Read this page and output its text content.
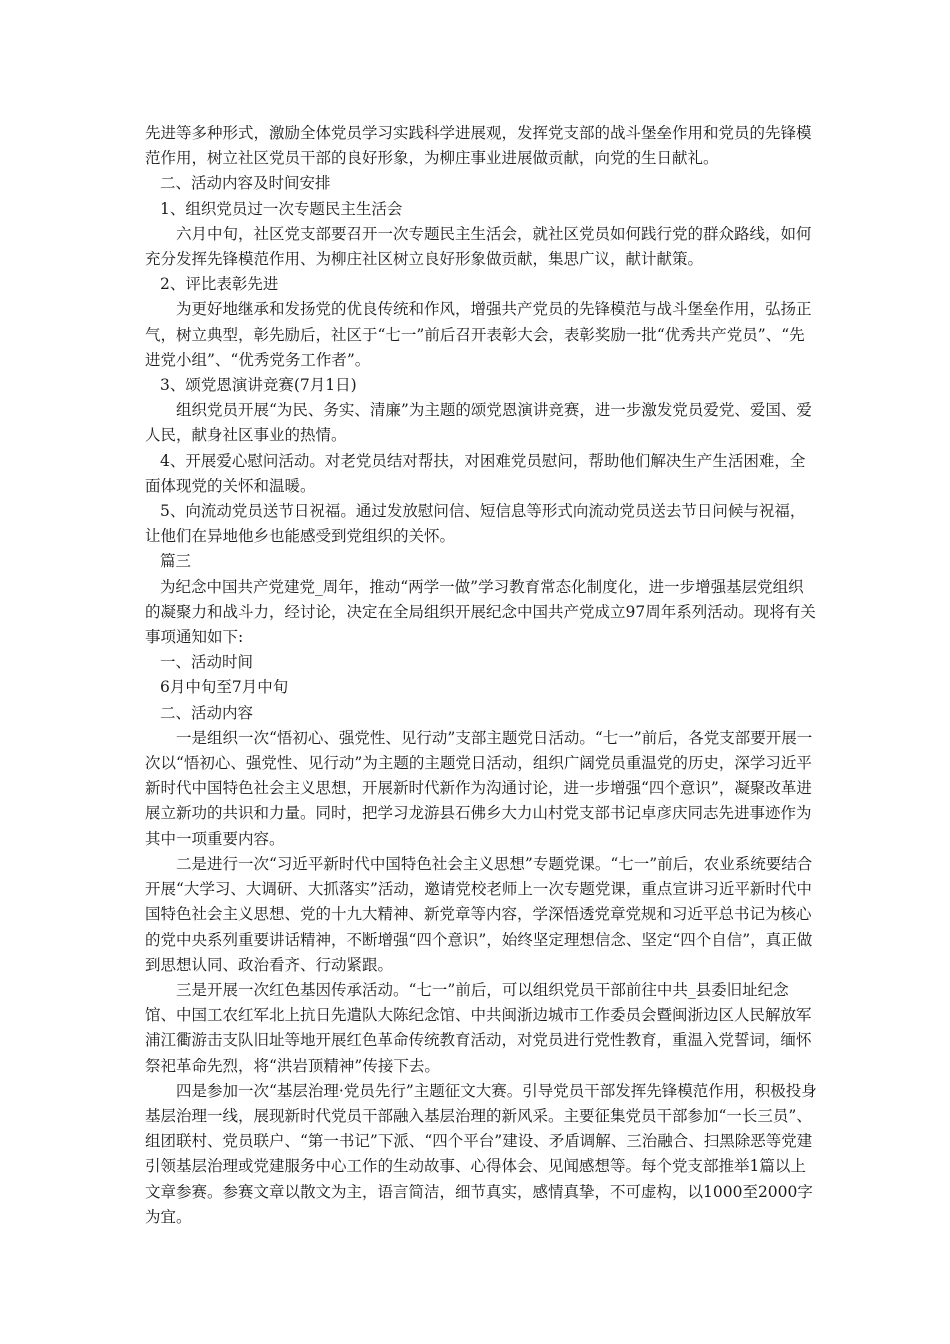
先进等多种形式，激励全体党员学习实践科学进展观，发挥党支部的战斗堡垒作用和党员的先锋模范作用，树立社区党员干部的良好形象，为柳庄事业进展做贡献，向党的生日献礼。

二、活动内容及时间安排

1、组织党员过一次专题民主生活会

六月中旬，社区党支部要召开一次专题民主生活会，就社区党员如何践行党的群众路线，如何充分发挥先锋模范作用、为柳庄社区树立良好形象做贡献，集思广议，献计献策。

2、评比表彰先进

为更好地继承和发扬党的优良传统和作风，增强共产党员的先锋模范与战斗堡垒作用，弘扬正气，树立典型，彰先励后，社区于“七一”前后召开表彰大会，表彰奖励一批“优秀共产党员”、“先进党小组”、“优秀党务工作者”。

3、颂党恩演讲竞赛(7月1日)

组织党员开展“为民、务实、清廉”为主题的颂党恩演讲竞赛，进一步激发党员爱党、爱国、爱人民，献身社区事业的热情。

4、开展爱心慰问活动。对老党员结对帮扶，对困难党员慰问，帮助他们解决生产生活困难，全面体现党的关怀和温暖。

5、向流动党员送节日祝福。通过发放慰问信、短信息等形式向流动党员送去节日问候与祝福，让他们在异地他乡也能感受到党组织的关怀。

篇三

为纪念中国共产党建党_周年，推动“两学一做”学习教育常态化制度化，进一步增强基层党组织的凝聚力和战斗力，经讨论，决定在全局组织开展纪念中国共产党成立97周年系列活动。现将有关事项通知如下:

一、活动时间

6月中旬至7月中旬

二、活动内容

一是组织一次“悟初心、强党性、见行动”支部主题党日活动。“七一”前后，各党支部要开展一次以“悟初心、强党性、见行动”为主题的主题党日活动，组织广阔党员重温党的历史，深学习近平新时代中国特色社会主义思想，开展新时代新作为沟通讨论，进一步增强“四个意识”，凝聚改革进展立新功的共识和力量。同时，把学习龙游县石佛乡大力山村党支部书记卓彦庆同志先进事迹作为其中一项重要内容。

二是进行一次“习近平新时代中国特色社会主义思想”专题党课。“七一”前后，农业系统要结合开展“大学习、大调研、大抓落实”活动，邀请党校老师上一次专题党课，重点宣讲习近平新时代中国特色社会主义思想、党的十九大精神、新党章等内容，学深悟透党章党规和习近平总书记为核心的党中央系列重要讲话精神，不断增强“四个意识”，始终坚定理想信念、坚定“四个自信”，真正做到思想认同、政治看齐、行动紧跟。

三是开展一次红色基因传承活动。“七一”前后，可以组织党员干部前往中共_县委旧址纪念馆、中国工农红军北上抗日先遣队大陈纪念馆、中共闽浙边城市工作委员会暨闽浙边区人民解放军浦江衢游击支队旧址等地开展红色革命传统教育活动，对党员进行党性教育，重温入党誓词，缅怀祭祀革命先烈，将“洪岩顶精神”传接下去。

四是参加一次“基层治理·党员先行”主题征文大赛。引导党员干部发挥先锋模范作用，积极投身基层治理一线，展现新时代党员干部融入基层治理的新风采。主要征集党员干部参加“一长三员”、组团联村、党员联户、“第一书记”下派、“四个平台”建设、矛盾调解、三治融合、扫黑除恶等党建引领基层治理或党建服务中心工作的生动故事、心得体会、见闻感想等。每个党支部推举1篇以上文章参赛。参赛文章以散文为主，语言简洁，细节真实，感情真挚，不可虚构，以1000至2000字为宜。
